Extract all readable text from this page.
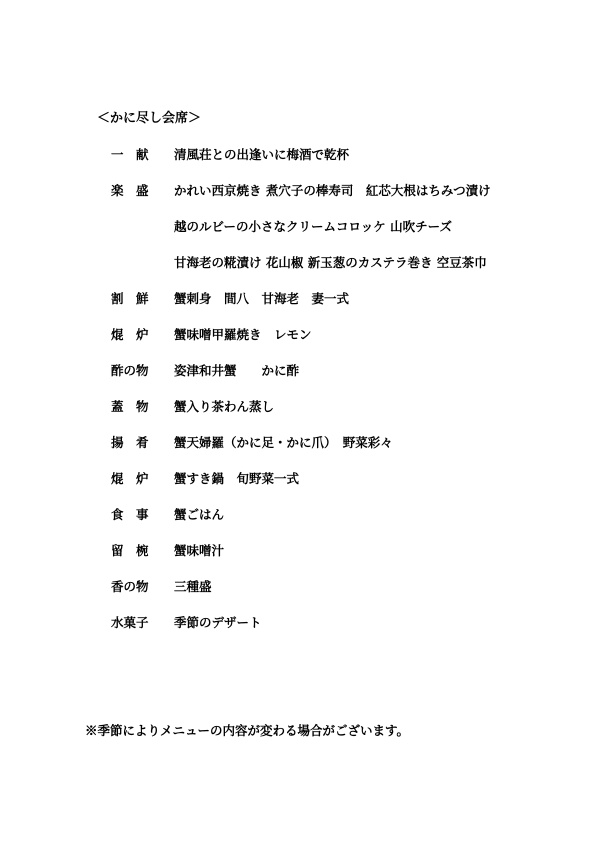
＜かに尽し会席＞
一　献 清風荘との出逢いに梅酒で乾杯
楽　盛 かれい西京焼き 煮穴子の棒寿司　紅芯大根はちみつ漬け
越のルビーの小さなクリームコロッケ 山吹チーズ
甘海老の糀漬け 花山椒 新玉葱のカステラ巻き 空豆茶巾
割　鮮 蟹刺身　間八　甘海老　妻一式
焜　炉 蟹味噌甲羅焼き　レモン
酢の物 姿津和井蟹　　かに酢
蓋　物 蟹入り茶わん蒸し
揚　肴 蟹天婦羅（かに足・かに爪）　野菜彩々
焜　炉 蟹すき鍋　旬野菜一式
食　事 蟹ごはん
留　椀 蟹味噌汁
香の物 三種盛
水菓子 季節のデザート
※季節によりメニューの内容が変わる場合がございます。
